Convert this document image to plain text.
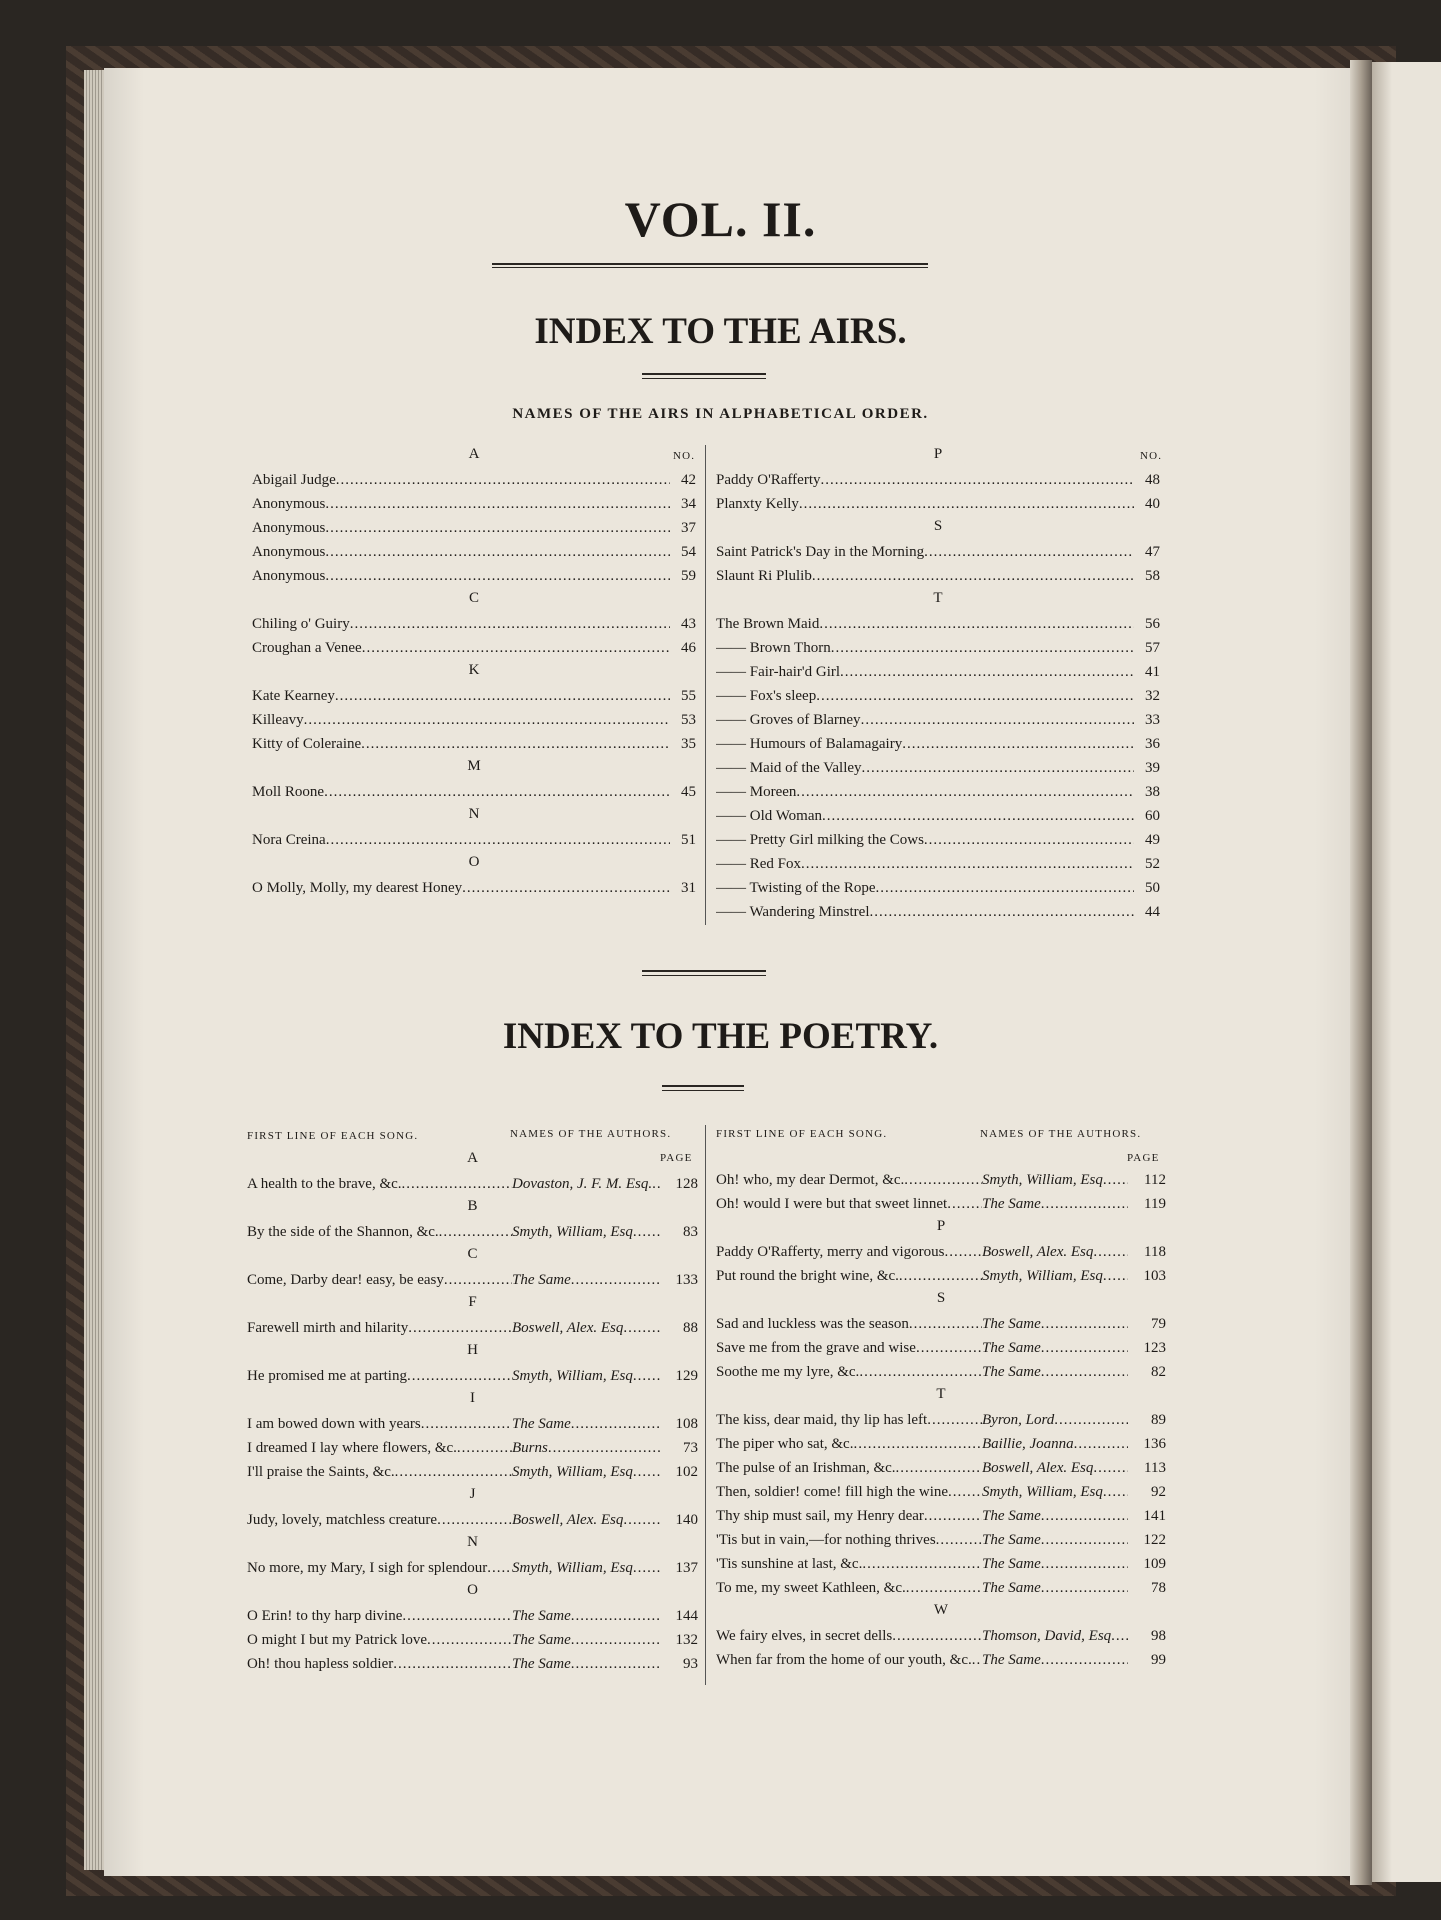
VOL. II.
INDEX TO THE AIRS.
NAMES OF THE AIRS IN ALPHABETICAL ORDER.
NO.	NO.
INDEX TO THE POETRY.
FIRST LINE OF EACH SONG.	NAMES OF THE AUTHORS.
PAGE
FIRST LINE OF EACH SONG.	NAMES OF THE AUTHORS.
PAGE
A
Abigail Judge .....	42
Anonymous .....	34
Anonymous .....	37
Anonymous .....	54
Anonymous .....	59
C
Chiling o' Guiry .....	43
Croughan a Venee .....	46
K
Kate Kearney .....	55
Killeavy .....	53
Kitty of Coleraine .....	35
M
Moll Roone .....	45
N
Nora Creina .....	51
O
O Molly, Molly, my dearest Honey .....	31
P
Paddy O'Rafferty .....	48
Planxty Kelly .....	40
S
Saint Patrick's Day in the Morning .....	47
Slaunt Ri Plulib .....	58
T
The Brown Maid .....	56
—— Brown Thorn .....	57
—— Fair-hair'd Girl .....	41
—— Fox's sleep .....	32
—— Groves of Blarney .....	33
—— Humours of Balamagairy .....	36
—— Maid of the Valley .....	39
—— Moreen .....	38
—— Old Woman .....	60
—— Pretty Girl milking the Cows .....	49
—— Red Fox .....	52
—— Twisting of the Rope .....	50
—— Wandering Minstrel .....	44
A
A health to the brave, &c. .....	Dovaston, J. F. M. Esq. .....	128
B
By the side of the Shannon, &c. .....	Smyth, William, Esq .....	83
C
Come, Darby dear! easy, be easy .....	The Same .....	133
F
Farewell mirth and hilarity .....	Boswell, Alex. Esq .....	88
H
He promised me at parting .....	Smyth, William, Esq .....	129
I
I am bowed down with years .....	The Same .....	108
I dreamed I lay where flowers, &c. .....	Burns .....	73
I'll praise the Saints, &c. .....	Smyth, William, Esq .....	102
J
Judy, lovely, matchless creature .....	Boswell, Alex. Esq .....	140
N
No more, my Mary, I sigh for splendour ..... Smyth, William, Esq .....	137
O
O Erin! to thy harp divine .....	The Same .....	144
O might I but my Patrick love .....	The Same .....	132
Oh! thou hapless soldier .....	The Same .....	93
Oh! who, my dear Dermot, &c. .....	Smyth, William, Esq .....	112
Oh! would I were but that sweet linnet ..... The Same .....	119
P
Paddy O'Rafferty, merry and vigorous .....	Boswell, Alex. Esq .....	118
Put round the bright wine, &c. .....	Smyth, William, Esq .....	103
S
Sad and luckless was the season .....	The Same .....	79
Save me from the grave and wise .....	The Same .....	123
Soothe me my lyre, &c. .....	The Same .....	82
T
The kiss, dear maid, thy lip has left .....	Byron, Lord .....	89
The piper who sat, &c. .....	Baillie, Joanna .....	136
The pulse of an Irishman, &c. .....	Boswell, Alex. Esq .....	113
Then, soldier! come! fill high the wine ..... Smyth, William, Esq .....	92
Thy ship must sail, my Henry dear .....	The Same .....	141
'Tis but in vain,—for nothing thrives .....	The Same .....	122
'Tis sunshine at last, &c. .....	The Same .....	109
To me, my sweet Kathleen, &c. .....	The Same .....	78
W
We fairy elves, in secret dells .....	Thomson, David, Esq .....	98
When far from the home of our youth, &c. ..... The Same .....	99
